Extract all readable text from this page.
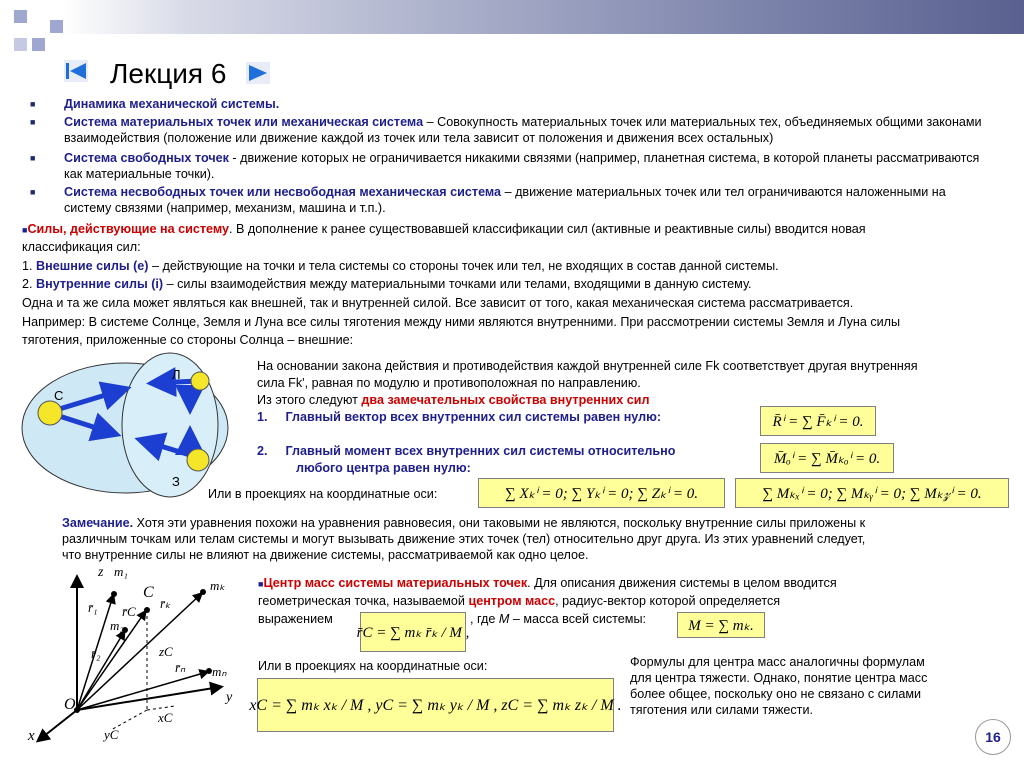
Лекция 6
■ Динамика механической системы.
■ Система материальных точек или механическая система – Совокупность материальных точек или материальных тех, объединяемых общими законами взаимодействия (положение или движение каждой из точек или тела зависит от положения и движения всех остальных)
■ Система свободных точек - движение которых не ограничивается никакими связями (например, планетная система, в которой планеты рассматриваются как материальные точки).
■ Система несвободных точек или несвободная механическая система – движение материальных точек или тел ограничиваются наложенными на систему связями (например, механизм, машина и т.п.).
■Силы, действующие на систему. В дополнение к ранее существовавшей классификации сил (активные и реактивные силы) вводится новая
классификация сил:
1. Внешние силы (e) – действующие на точки и тела системы со стороны точек или тел, не входящих в состав данной системы.
2. Внутренние силы (i) – силы взаимодействия между материальными точками или телами, входящими в данную систему.
Одна и та же сила может являться как внешней, так и внутренней силой. Все зависит от того, какая механическая система рассматривается.
Например: В системе Солнце, Земля и Луна все силы тяготения между ними являются внутренними. При рассмотрении системы Земля и Луна силы
тяготения, приложенные со стороны Солнца – внешние:
С
Л
З
На основании закона действия и противодействия каждой внутренней силе Fk соответствует другая внутренняя
сила Fk', равная по модулю и противоположная по направлению.
Из этого следуют два замечательных свойства внутренних сил
1. Главный вектор всех внутренних сил системы равен нулю:
2. Главный момент всех внутренних сил системы относительно
любого центра равен нулю:
Или в проекциях на координатные оси:
R̄ⁱ = ∑ F̄ₖⁱ = 0.
M̄ₒⁱ = ∑ M̄ₖₒⁱ = 0.
∑ Xₖⁱ = 0; ∑ Yₖⁱ = 0; ∑ Zₖⁱ = 0.	∑ Mₖₓⁱ = 0; ∑ Mₖᵧⁱ = 0; ∑ Mₖ𝓏ⁱ = 0.
Замечание. Хотя эти уравнения похожи на уравнения равновесия, они таковыми не являются, поскольку внутренние силы приложены к
различным точкам или телам системы и могут вызывать движение этих точек (тел) относительно друг друга. Из этих уравнений следует,
что внутренние силы не влияют на движение системы, рассматриваемой как одно целое.
z
x
y
O
C
m₁
m₂
mₖ
mₙ
r̄₁
r̄₂
r̄C
r̄ₖ
r̄ₙ
zC
xC
yC
■Центр масс системы материальных точек. Для описания движения системы в целом вводится
геометрическая точка, называемой центром масс, радиус-вектор которой определяется
выражением
r̄C = ∑ mₖ r̄ₖ / M ,
, где M – масса всей системы:	M = ∑ mₖ.
Или в проекциях на координатные оси:
xC = ∑ mₖ xₖ / M , yC = ∑ mₖ yₖ / M , zC = ∑ mₖ zₖ / M .
Формулы для центра масс аналогичны формулам
для центра тяжести. Однако, понятие центра масс
более общее, поскольку оно не связано с силами
тяготения или силами тяжести.
16
